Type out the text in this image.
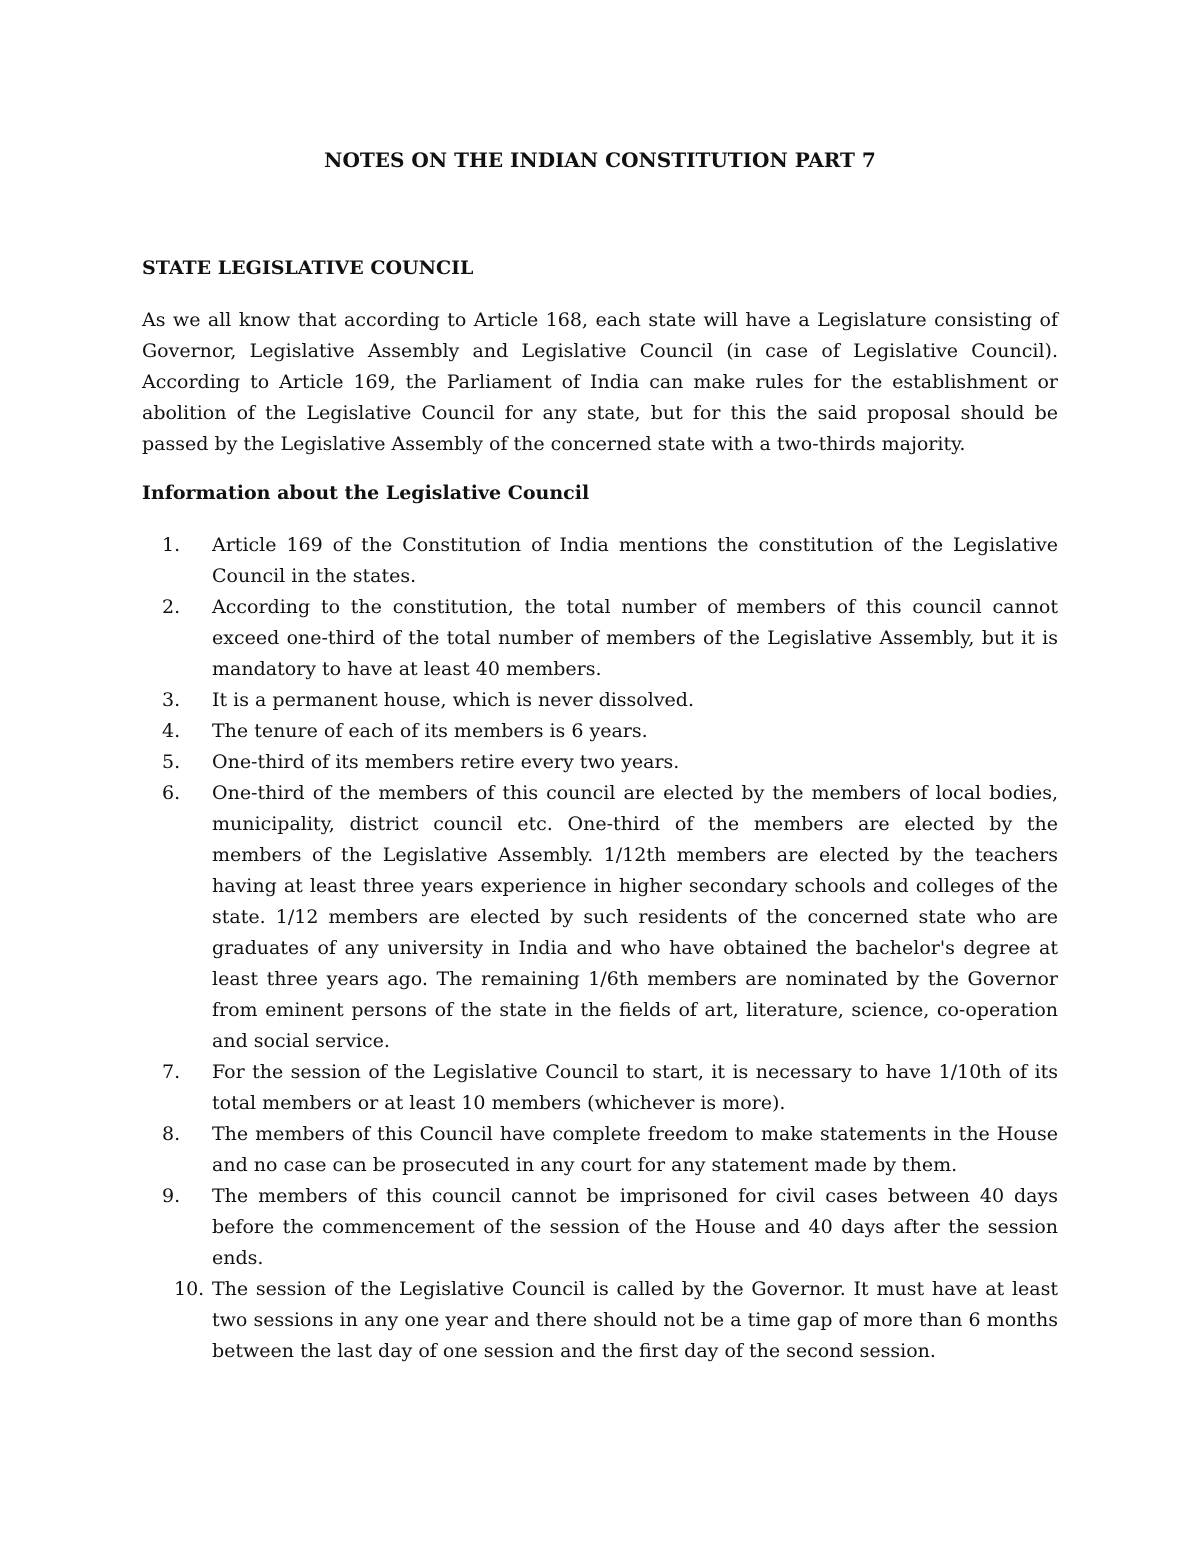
NOTES ON THE INDIAN CONSTITUTION PART 7
STATE LEGISLATIVE COUNCIL

As we all know that according to Article 168, each state will have a Legislature consisting of Governor, Legislative Assembly and Legislative Council (in case of Legislative Council). According to Article 169, the Parliament of India can make rules for the establishment or abolition of the Legislative Council for any state, but for this the said proposal should be passed by the Legislative Assembly of the concerned state with a two-thirds majority.

Information about the Legislative Council
1.	Article 169 of the Constitution of India mentions the constitution of the Legislative Council in the states.
2.	According to the constitution, the total number of members of this council cannot exceed one-third of the total number of members of the Legislative Assembly, but it is mandatory to have at least 40 members.
3.	It is a permanent house, which is never dissolved.
4.	The tenure of each of its members is 6 years.
5.	One-third of its members retire every two years.
6.	One-third of the members of this council are elected by the members of local bodies, municipality, district council etc. One-third of the members are elected by the members of the Legislative Assembly. 1/12th members are elected by the teachers having at least three years experience in higher secondary schools and colleges of the state. 1/12 members are elected by such residents of the concerned state who are graduates of any university in India and who have obtained the bachelor's degree at least three years ago. The remaining 1/6th members are nominated by the Governor from eminent persons of the state in the fields of art, literature, science, co-operation and social service.
7.	For the session of the Legislative Council to start, it is necessary to have 1/10th of its total members or at least 10 members (whichever is more).
8.	The members of this Council have complete freedom to make statements in the House and no case can be prosecuted in any court for any statement made by them.
9.	The members of this council cannot be imprisoned for civil cases between 40 days before the commencement of the session of the House and 40 days after the session ends.
10. The session of the Legislative Council is called by the Governor. It must have at least two sessions in any one year and there should not be a time gap of more than 6 months between the last day of one session and the first day of the second session.
